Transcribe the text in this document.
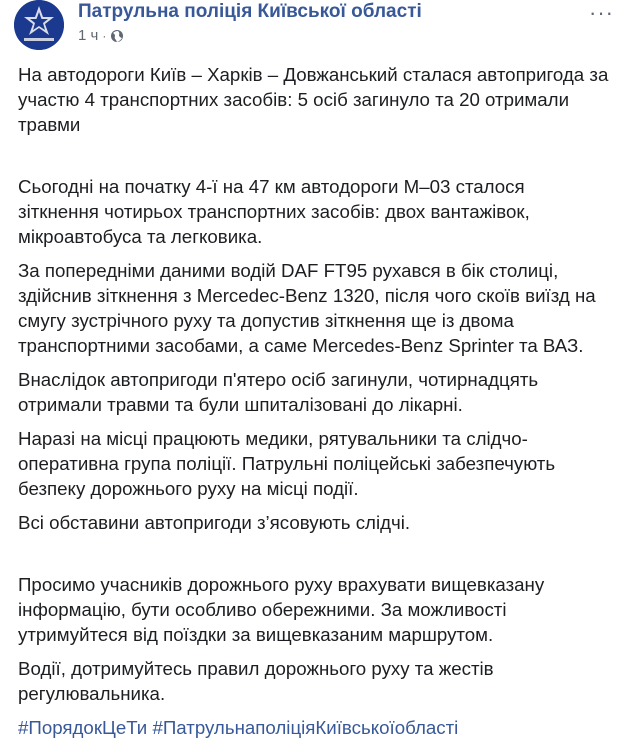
Патрульна поліція Київської області
1 ч ·
···

На автодороги Київ – Харків – Довжанський сталася автопригода за участю 4 транспортних засобів: 5 осіб загинуло та 20 отримали травми

Сьогодні на початку 4-ї на 47 км автодороги М–03 сталося зіткнення чотирьох транспортних засобів: двох вантажівок, мікроавтобуса та легковика.

За попередніми даними водій DAF FT95 рухався в бік столиці, здійснив зіткнення з Mercedec-Benz 1320, після чого скоїв виїзд на смугу зустрічного руху та допустив зіткнення ще із двома транспортними засобами, а саме Mercedes-Benz Sprinter та ВАЗ.

Внаслідок автопригоди п'ятеро осіб загинули, чотирнадцять отримали травми та були шпиталізовані до лікарні.

Наразі на місці працюють медики, рятувальники та слідчо-оперативна група поліції. Патрульні поліцейські забезпечують безпеку дорожнього руху на місці події.

Всі обставини автопригоди з’ясовують слідчі.

Просимо учасників дорожнього руху врахувати вищевказану інформацію, бути особливо обережними. За можливості утримуйтеся від поїздки за вищевказаним маршрутом.

Водії, дотримуйтесь правил дорожнього руху та жестів регулювальника.

#ПорядокЦеТи #ПатрульнаполіціяКиївськоїобласті
